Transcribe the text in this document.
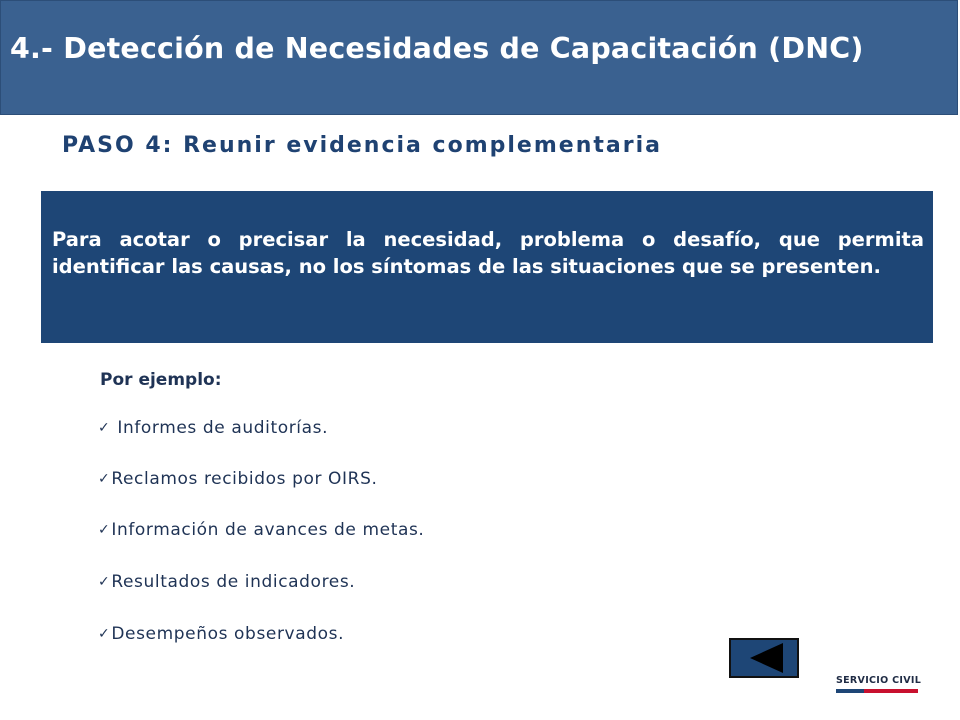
4.- Detección de Necesidades de Capacitación (DNC)
PASO 4: Reunir evidencia complementaria
Para acotar o precisar la necesidad, problema o desafío, que permita identificar las causas, no los síntomas de las situaciones que se presenten.
Por ejemplo:
✓ Informes de auditorías.
✓Reclamos recibidos por OIRS.
✓Información de avances de metas.
✓Resultados de indicadores.
✓Desempeños observados.
SERVICIO CIVIL
